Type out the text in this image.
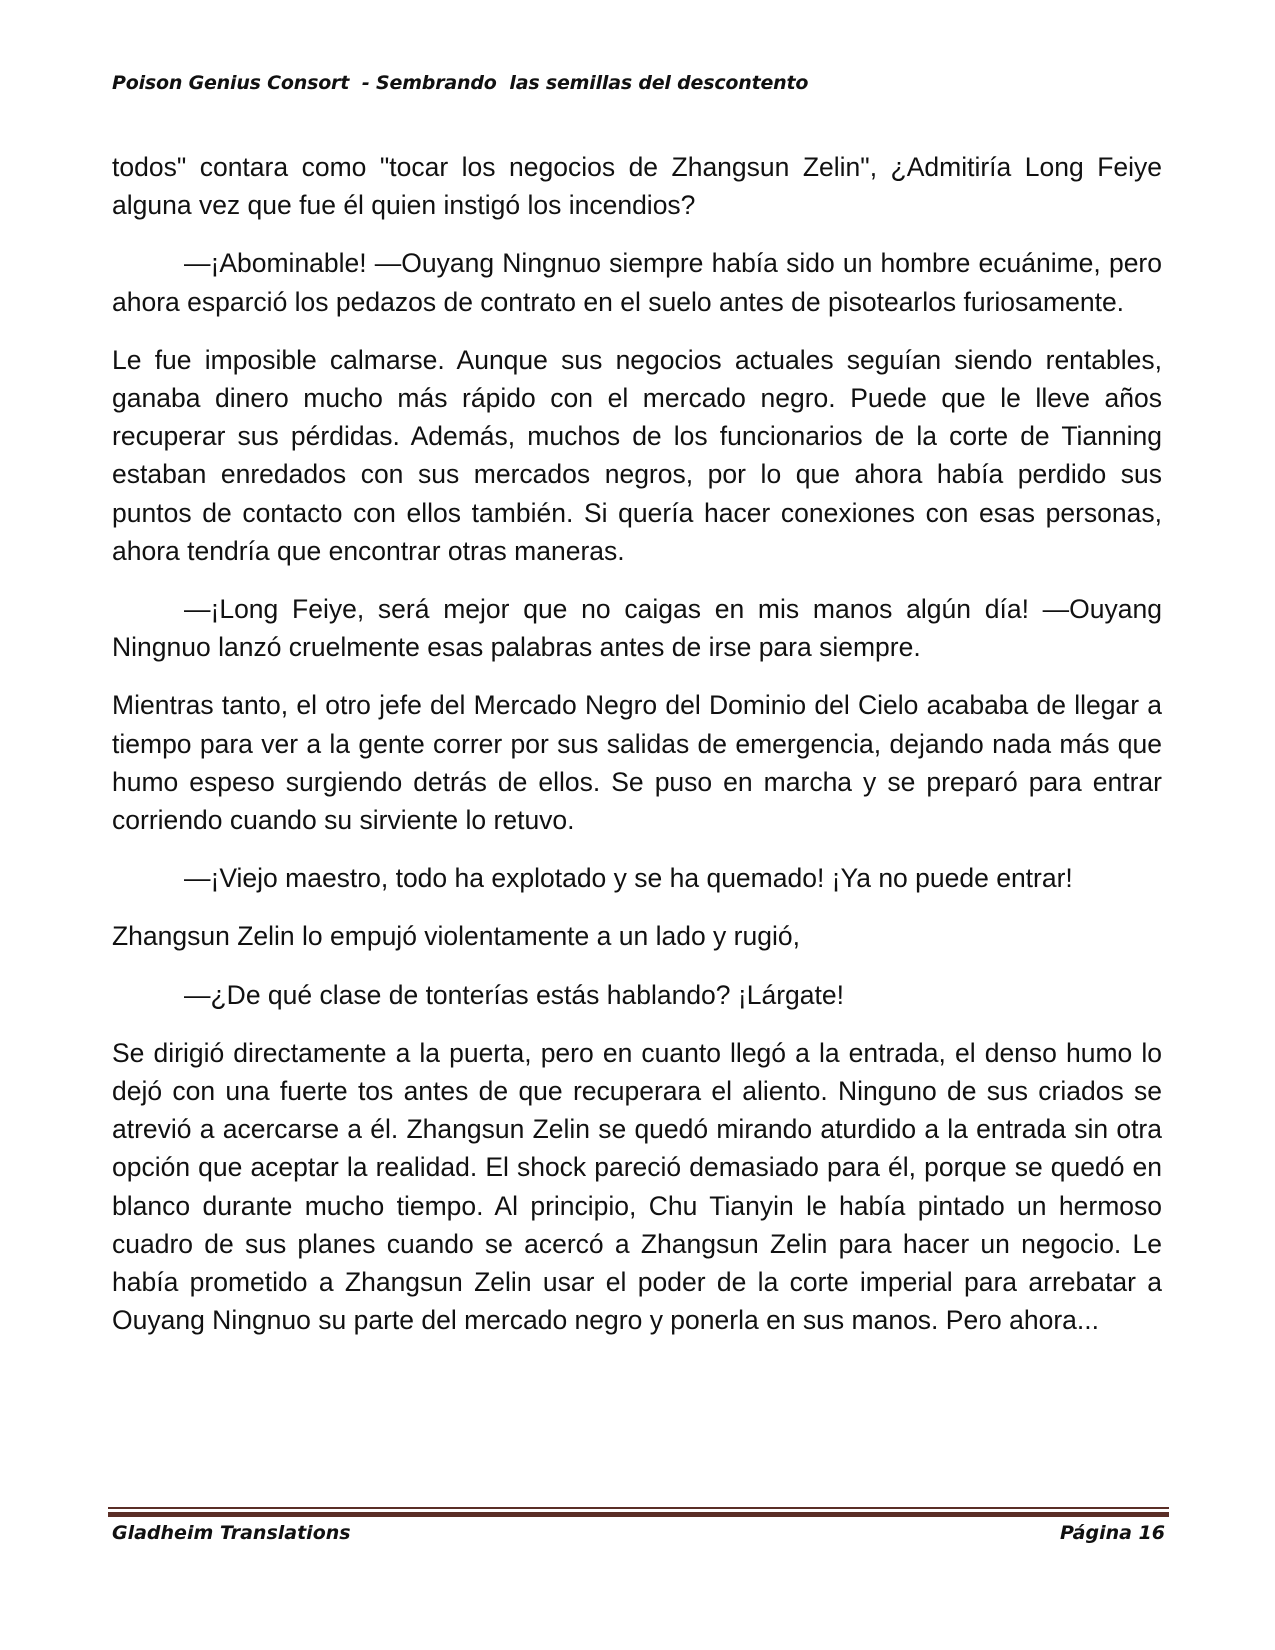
Poison Genius Consort  - Sembrando  las semillas del descontento

todos" contara como "tocar los negocios de Zhangsun Zelin", ¿Admitiría Long Feiye alguna vez que fue él quien instigó los incendios?

—¡Abominable! —Ouyang Ningnuo siempre había sido un hombre ecuánime, pero ahora esparció los pedazos de contrato en el suelo antes de pisotearlos furiosamente.

Le fue imposible calmarse. Aunque sus negocios actuales seguían siendo rentables, ganaba dinero mucho más rápido con el mercado negro. Puede que le lleve años recuperar sus pérdidas. Además, muchos de los funcionarios de la corte de Tianning estaban enredados con sus mercados negros, por lo que ahora había perdido sus puntos de contacto con ellos también. Si quería hacer conexiones con esas personas, ahora tendría que encontrar otras maneras.

—¡Long Feiye, será mejor que no caigas en mis manos algún día! —Ouyang Ningnuo lanzó cruelmente esas palabras antes de irse para siempre.

Mientras tanto, el otro jefe del Mercado Negro del Dominio del Cielo acababa de llegar a tiempo para ver a la gente correr por sus salidas de emergencia, dejando nada más que humo espeso surgiendo detrás de ellos. Se puso en marcha y se preparó para entrar corriendo cuando su sirviente lo retuvo.

—¡Viejo maestro, todo ha explotado y se ha quemado! ¡Ya no puede entrar!

Zhangsun Zelin lo empujó violentamente a un lado y rugió,

—¿De qué clase de tonterías estás hablando? ¡Lárgate!

Se dirigió directamente a la puerta, pero en cuanto llegó a la entrada, el denso humo lo dejó con una fuerte tos antes de que recuperara el aliento. Ninguno de sus criados se atrevió a acercarse a él. Zhangsun Zelin se quedó mirando aturdido a la entrada sin otra opción que aceptar la realidad. El shock pareció demasiado para él, porque se quedó en blanco durante mucho tiempo. Al principio, Chu Tianyin le había pintado un hermoso cuadro de sus planes cuando se acercó a Zhangsun Zelin para hacer un negocio. Le había prometido a Zhangsun Zelin usar el poder de la corte imperial para arrebatar a Ouyang Ningnuo su parte del mercado negro y ponerla en sus manos. Pero ahora...

Gladheim Translations	Página 16
